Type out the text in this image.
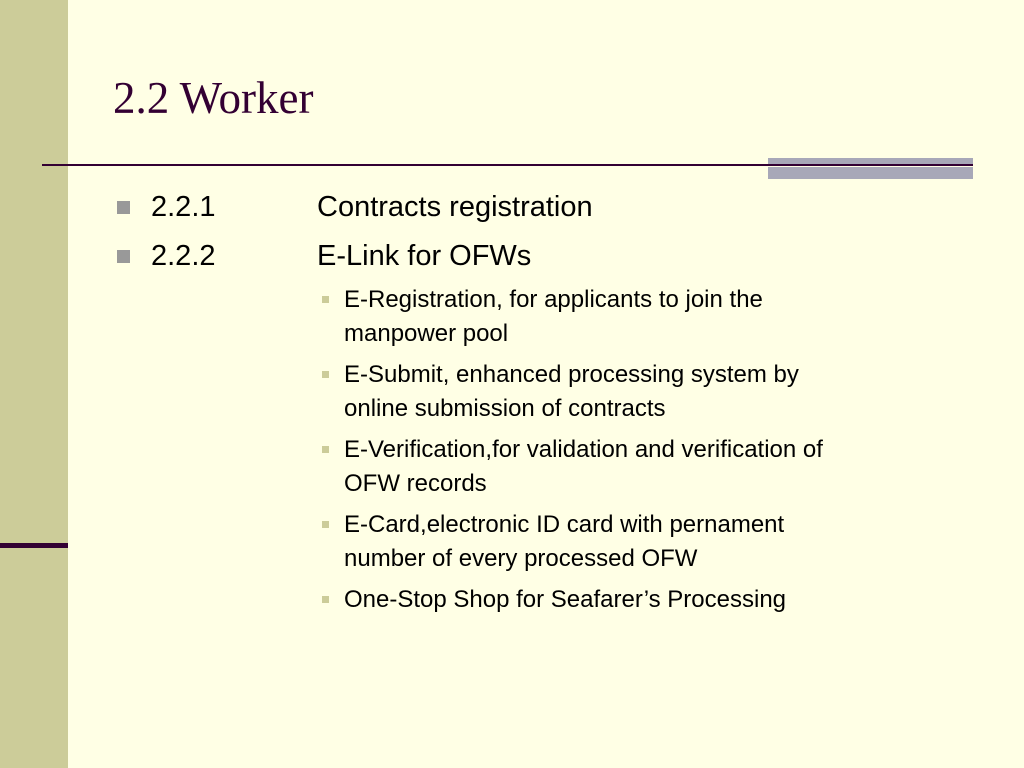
2.2 Worker
2.2.1	Contracts registration
2.2.2	E-Link for OFWs
E-Registration, for applicants to join the
manpower pool
E-Submit, enhanced processing system by
online submission of contracts
E-Verification,for validation and verification of
OFW records
E-Card,electronic ID card with pernament
number of every processed OFW
One-Stop Shop for Seafarer’s Processing
